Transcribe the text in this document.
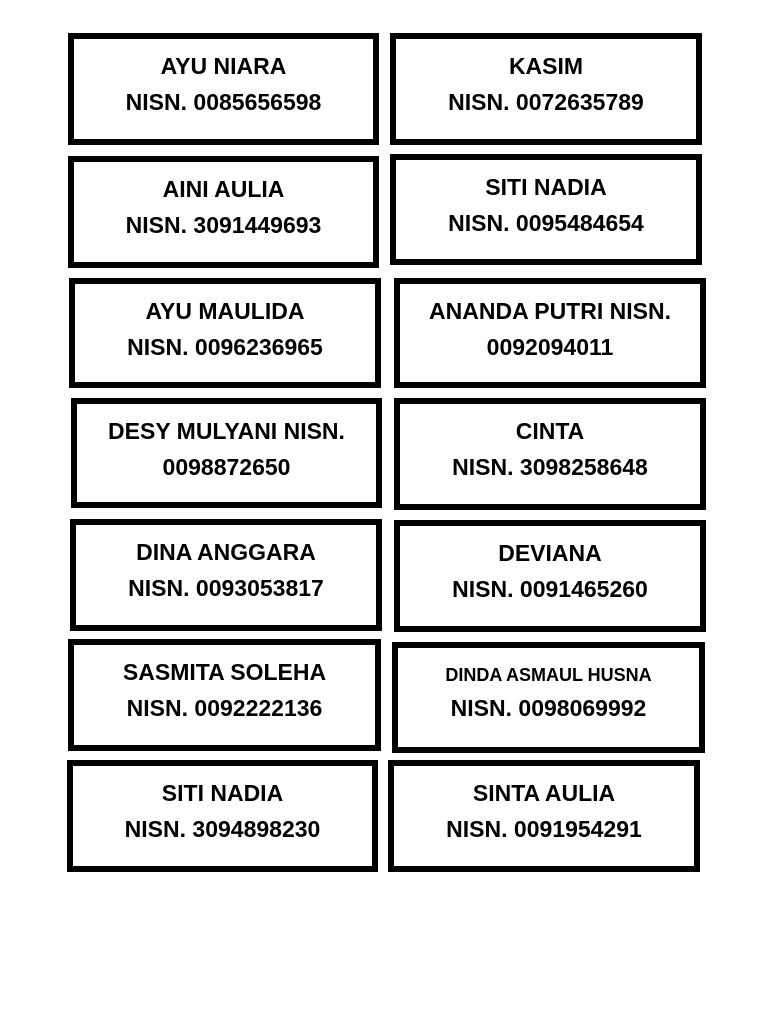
AYU NIARA
NISN. 0085656598
KASIM
NISN. 0072635789
AINI AULIA
NISN. 3091449693
SITI NADIA
NISN. 0095484654
AYU MAULIDA
NISN. 0096236965
ANANDA PUTRI NISN.
0092094011
DESY MULYANI NISN.
0098872650
CINTA
NISN. 3098258648
DINA ANGGARA
NISN. 0093053817
DEVIANA
NISN. 0091465260
SASMITA SOLEHA
NISN. 0092222136
DINDA ASMAUL HUSNA
NISN. 0098069992
SITI NADIA
NISN. 3094898230
SINTA AULIA
NISN. 0091954291
